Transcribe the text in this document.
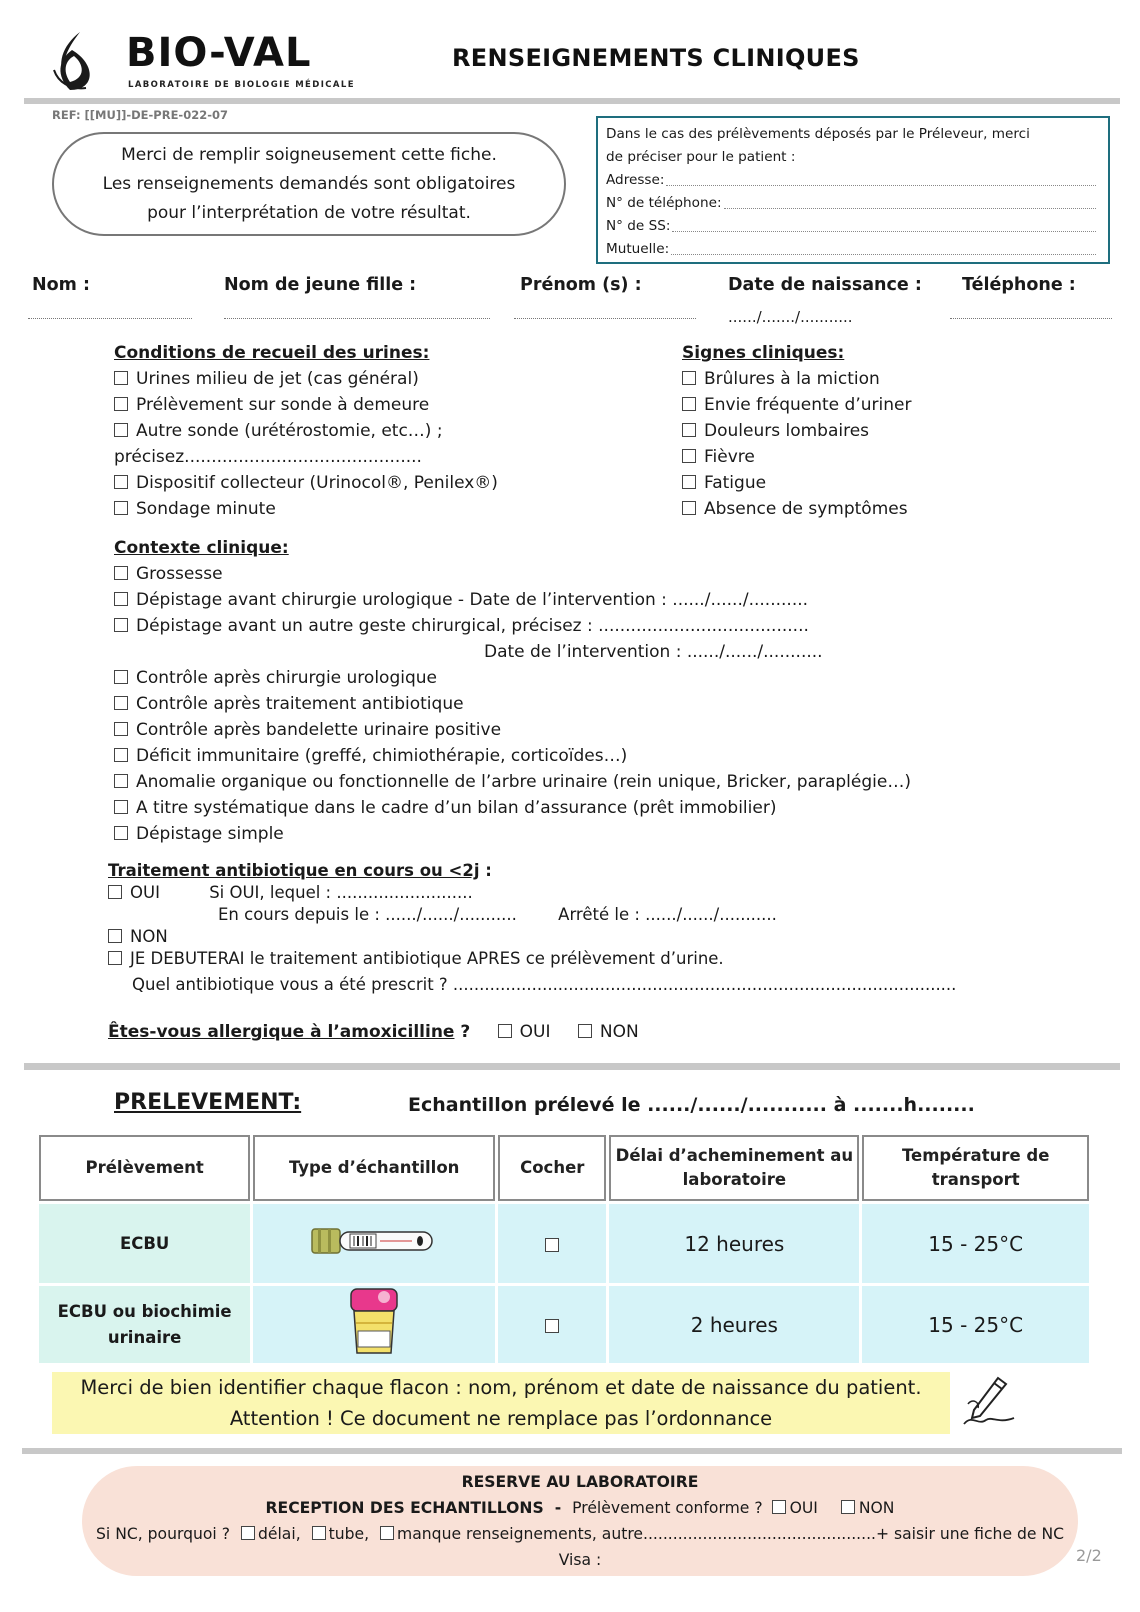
BIO-VAL
LABORATOIRE DE BIOLOGIE MÉDICALE
RENSEIGNEMENTS CLINIQUES
REF: [[MU]]-DE-PRE-022-07
Merci de remplir soigneusement cette fiche.
Les renseignements demandés sont obligatoires
pour l’interprétation de votre résultat.
Dans le cas des prélèvements déposés par le Préleveur, merci
de préciser pour le patient :
Adresse:
N° de téléphone:
N° de SS:
Mutuelle:
Nom :	Nom de jeune fille :	Prénom (s) :	Date de naissance : Téléphone :
....../......./...........
Conditions de recueil des urines:
Urines milieu de jet (cas général)
Prélèvement sur sonde à demeure
Autre sonde (urétérostomie, etc…) ;
précisez............................................
Dispositif collecteur (Urinocol®, Penilex®)
Sondage minute
Signes cliniques:
Brûlures à la miction
Envie fréquente d’uriner
Douleurs lombaires
Fièvre
Fatigue
Absence de symptômes
Contexte clinique:
Grossesse
Dépistage avant chirurgie urologique - Date de l’intervention : ....../....../...........
Dépistage avant un autre geste chirurgical, précisez : .......................................
Date de l’intervention : ....../....../...........
Contrôle après chirurgie urologique
Contrôle après traitement antibiotique
Contrôle après bandelette urinaire positive
Déficit immunitaire (greffé, chimiothérapie, corticoïdes…)
Anomalie organique ou fonctionnelle de l’arbre urinaire (rein unique, Bricker, paraplégie…)
A titre systématique dans le cadre d’un bilan d’assurance (prêt immobilier)
Dépistage simple
Traitement antibiotique en cours ou <2j :
OUI	Si OUI, lequel : ..........................
En cours depuis le : ....../....../...........	Arrêté le : ....../....../...........
NON
JE DEBUTERAI le traitement antibiotique APRES ce prélèvement d’urine.
Quel antibiotique vous a été prescrit ? ................................................................................................
Êtes-vous allergique à l’amoxicilline ?	OUI	NON
PRELEVEMENT:	Echantillon prélevé le ....../....../........... à .......h........
Prélèvement	Type d’échantillon	Cocher	Délai d’acheminement au laboratoire	Température de transport
ECBU			12 heures	15 - 25°C
ECBU ou biochimie urinaire			2 heures	15 - 25°C
Merci de bien identifier chaque flacon : nom, prénom et date de naissance du patient.
Attention ! Ce document ne remplace pas l’ordonnance
RESERVE AU LABORATOIRE
RECEPTION DES ECHANTILLONS - Prélèvement conforme ? OUI	NON
Si NC, pourquoi ? délai, tube, manque renseignements, autre...............................................+ saisir une fiche de NC
Visa :	2/2
